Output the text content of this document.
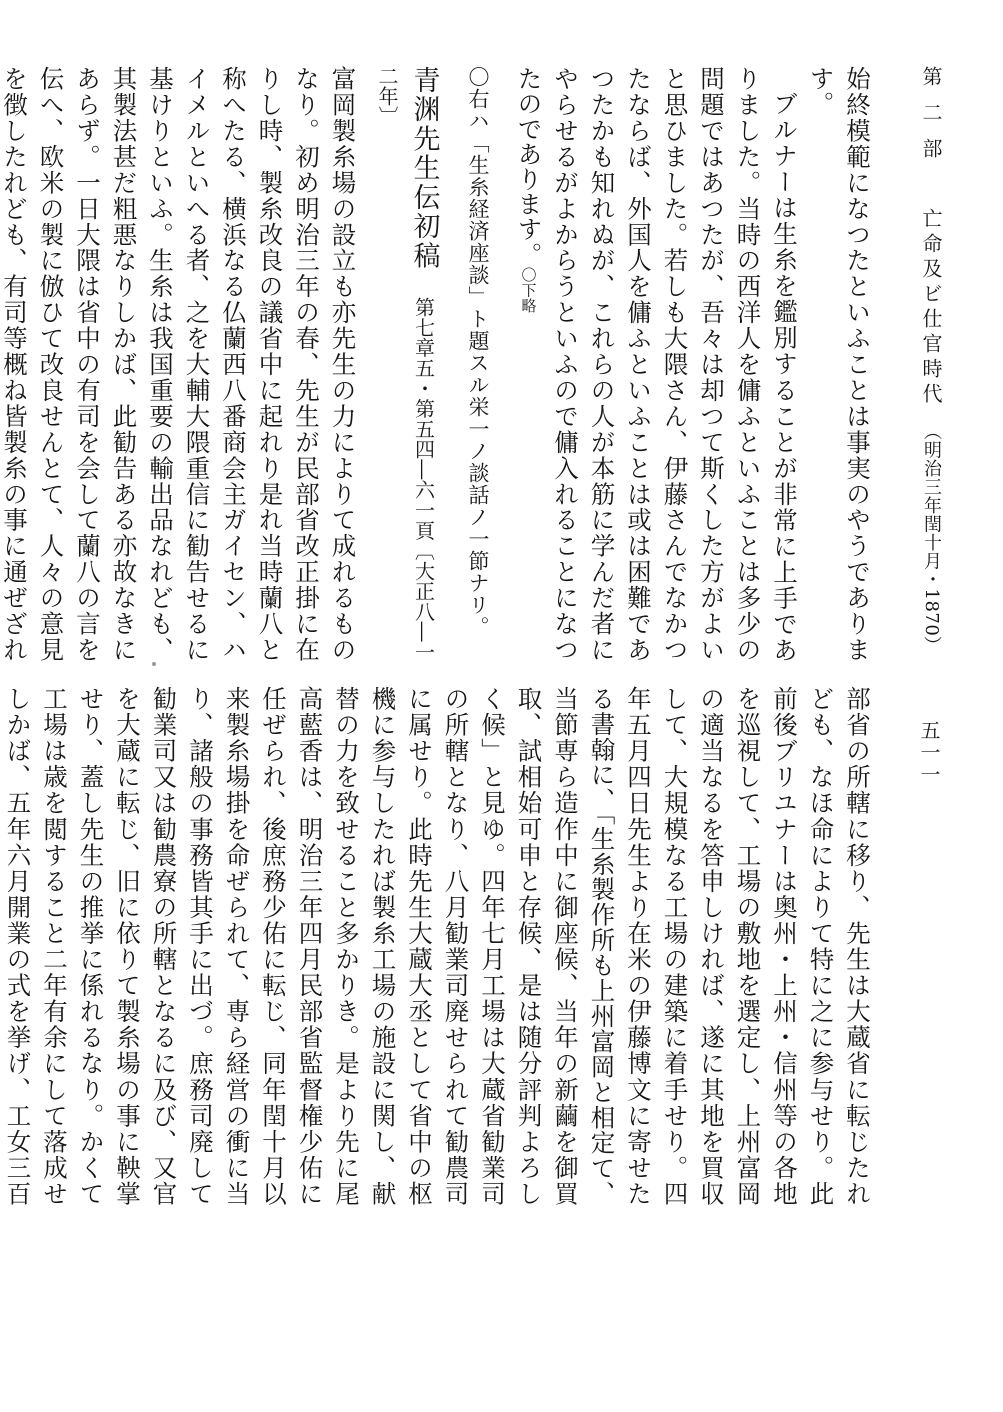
第二部亡命及ビ仕官時代（明治三年閏十月・1870）
五一一

始終模範になつたといふことは事実のやうであります。

ブルナーは生糸を鑑別することが非常に上手でありました。当時の西洋人を傭ふといふことは多少の問題ではあつたが、吾々は却つて斯くした方がよいと思ひました。若しも大隈さん、伊藤さんでなかつたならば、外国人を傭ふといふことは或は困難であつたかも知れぬが、これらの人が本筋に学んだ者にやらせるがよからうといふので傭入れることになつたのであります。〇下略

〇右ハ「生糸経済座談」ト題スル栄一ノ談話ノ一節ナリ。

青渊先生伝初稿第七章五・第五四―六一頁〔大正八―一二年〕

富岡製糸場の設立も亦先生の力によりて成れるものなり。初め明治三年の春、先生が民部省改正掛に在りし時、製糸改良の議省中に起れり是れ当時蘭八と称へたる、横浜なる仏蘭西八番商会主ガイセン、ハイメルといへる者、之を大輔大隈重信に勧告せるに基けりといふ。生糸は我国重要の輸出品なれども、其製法甚だ粗悪なりしかば、此勧告ある亦故なきにあらず。一日大隈は省中の有司を会して蘭八の言を伝へ、欧米の製に倣ひて改良せんとて、人々の意見を徴したれども、有司等概ね皆製糸の事に通ぜざれ

部省の所轄に移り、先生は大蔵省に転じたれども、なほ命によりて特に之に参与せり。此前後ブリユナーは奥州・上州・信州等の各地を巡視して、工場の敷地を選定し、上州富岡の適当なるを答申しければ、遂に其地を買収して、大規模なる工場の建築に着手せり。四年五月四日先生より在米の伊藤博文に寄せたる書翰に、「生糸製作所も上州富岡と相定て、当節専ら造作中に御座候、当年の新繭を御買取、試相始可申と存候、是は随分評判よろしく候」と見ゆ。四年七月工場は大蔵省勧業司の所轄となり、八月勧業司廃せられて勧農司に属せり。此時先生大蔵大丞として省中の枢機に参与したれば製糸工場の施設に関し、献替の力を致せること多かりき。是より先に尾高藍香は、明治三年四月民部省監督権少佑に任ぜられ、後庶務少佑に転じ、同年閏十月以来製糸場掛を命ぜられて、専ら経営の衝に当り、諸般の事務皆其手に出づ。庶務司廃して勧業司又は勧農寮の所轄となるに及び、又官を大蔵に転じ、旧に依りて製糸場の事に鞅掌せり、蓋し先生の推挙に係れるなり。かくて工場は歳を閲すること二年有余にして落成せしかば、五年六月開業の式を挙げ、工女三百
